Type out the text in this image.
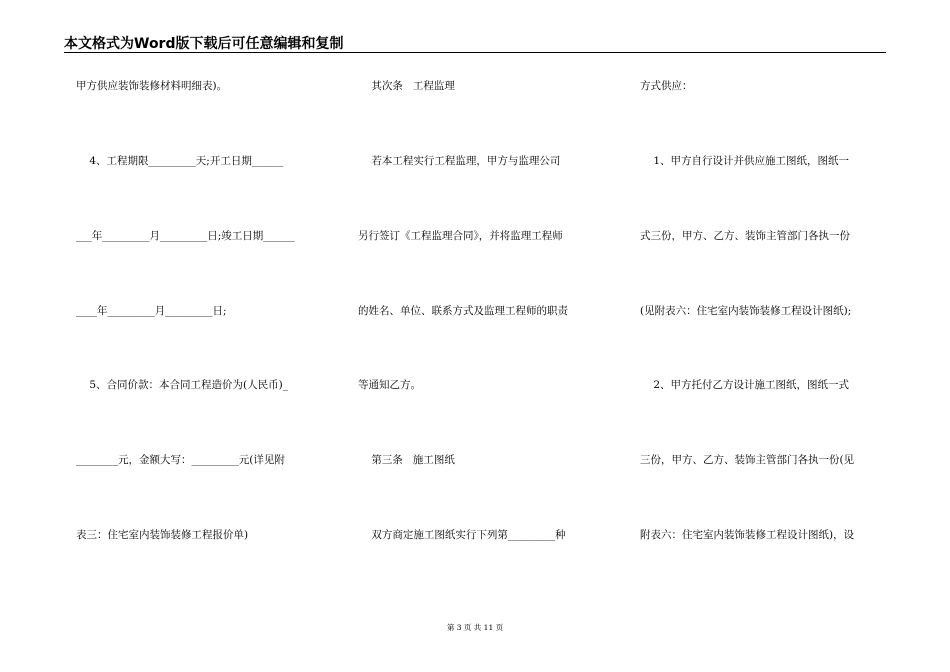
本文格式为Word版下载后可任意编辑和复制
甲方供应装饰装修材料明细表)。
4、工程期限_________天;开工日期______
___年_________月_________日;竣工日期______
____年_________月_________日;
5、合同价款：本合同工程造价为(人民币)_
________元，金额大写：_________元(详见附
表三：住宅室内装饰装修工程报价单)
其次条   工程监理
若本工程实行工程监理，甲方与监理公司
另行签订《工程监理合同》，并将监理工程师
的姓名、单位、联系方式及监理工程师的职责
等通知乙方。
第三条   施工图纸
双方商定施工图纸实行下列第_________种
方式供应：
1、甲方自行设计并供应施工图纸，图纸一
式三份，甲方、乙方、装饰主管部门各执一份
(见附表六：住宅室内装饰装修工程设计图纸);
2、甲方托付乙方设计施工图纸，图纸一式
三份，甲方、乙方、装饰主管部门各执一份(见
附表六：住宅室内装饰装修工程设计图纸)，设
第 3 页 共 11 页
